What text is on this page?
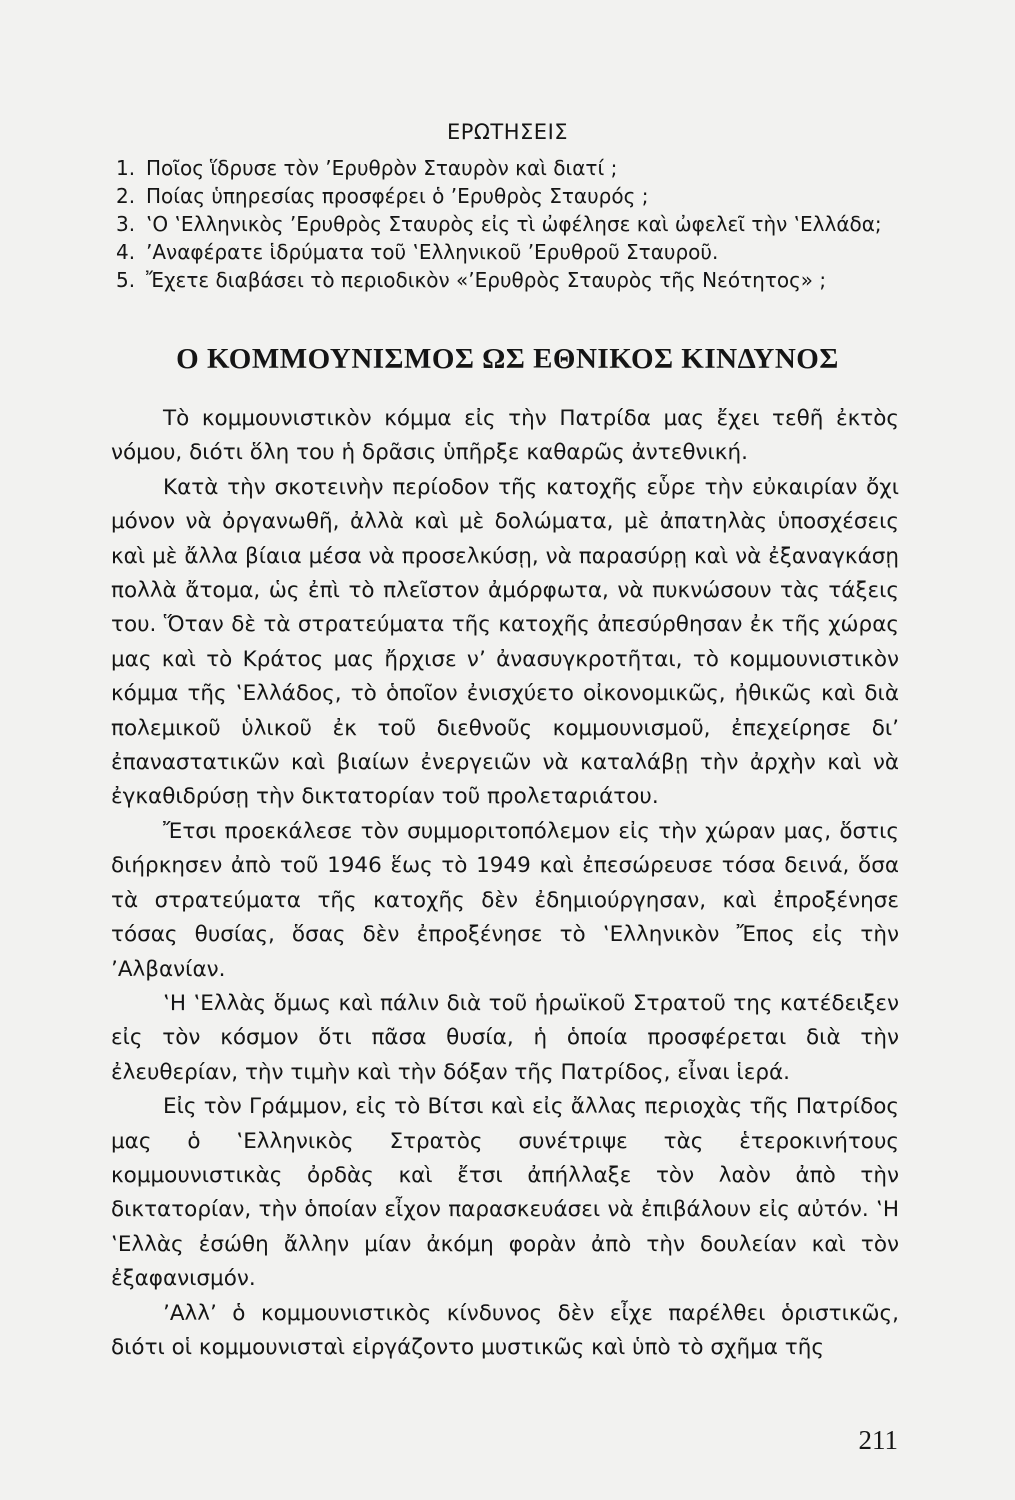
ΕΡΩΤΗΣΕΙΣ
1. Ποῖος ἵδρυσε τὸν ’Ερυθρὸν Σταυρὸν καὶ διατί ;
2. Ποίας ὑπηρεσίας προσφέρει ὁ ’Ερυθρὸς Σταυρός ;
3. ‛Ο ‛Ελληνικὸς ’Ερυθρὸς Σταυρὸς εἰς τὶ ὠφέλησε καὶ ὠφελεῖ τὴν ‛Ελλάδα;
4. ’Αναφέρατε ἱδρύματα τοῦ ‛Ελληνικοῦ ’Ερυθροῦ Σταυροῦ.
5. Ἔχετε διαβάσει τὸ περιοδικὸν «’Ερυθρὸς Σταυρὸς τῆς Νεότητος» ;
Ο ΚΟΜΜΟΥΝΙΣΜΟΣ ΩΣ ΕΘΝΙΚΟΣ ΚΙΝΔΥΝΟΣ

Τὸ κομμουνιστικὸν κόμμα εἰς τὴν Πατρίδα μας ἔχει τεθῆ ἐκτὸς νόμου, διότι ὅλη του ἡ δρᾶσις ὑπῆρξε καθαρῶς ἀντεθνική.

Κατὰ τὴν σκοτεινὴν περίοδον τῆς κατοχῆς εὗρε τὴν εὐκαιρίαν ὄχι μόνον νὰ ὀργανωθῆ, ἀλλὰ καὶ μὲ δολώματα, μὲ ἀπατηλὰς ὑποσχέσεις καὶ μὲ ἄλλα βίαια μέσα νὰ προσελκύσῃ, νὰ παρασύρῃ καὶ νὰ ἐξαναγκάσῃ πολλὰ ἄτομα, ὡς ἐπὶ τὸ πλεῖστον ἀμόρφωτα, νὰ πυκνώσουν τὰς τάξεις του. Ὅταν δὲ τὰ στρατεύματα τῆς κατοχῆς ἀπεσύρθησαν ἐκ τῆς χώρας μας καὶ τὸ Κράτος μας ἤρχισε ν’ ἀνασυγκροτῆται, τὸ κομμουνιστικὸν κόμμα τῆς ‛Ελλάδος, τὸ ὁποῖον ἐνισχύετο οἰκονομικῶς, ἠθικῶς καὶ διὰ πολεμικοῦ ὑλικοῦ ἐκ τοῦ διεθνοῦς κομμουνισμοῦ, ἐπεχείρησε δι’ ἐπαναστατικῶν καὶ βιαίων ἐνεργειῶν νὰ καταλάβῃ τὴν ἀρχὴν καὶ νὰ ἐγκαθιδρύσῃ τὴν δικτατορίαν τοῦ προλεταριάτου.

Ἔτσι προεκάλεσε τὸν συμμοριτοπόλεμον εἰς τὴν χώραν μας, ὅστις διήρκησεν ἀπὸ τοῦ 1946 ἕως τὸ 1949 καὶ ἐπεσώρευσε τόσα δεινά, ὅσα τὰ στρατεύματα τῆς κατοχῆς δὲν ἐδημιούργησαν, καὶ ἐπροξένησε τόσας θυσίας, ὅσας δὲν ἐπροξένησε τὸ ‛Ελληνικὸν Ἔπος εἰς τὴν ’Αλβανίαν.

‛Η ‛Ελλὰς ὅμως καὶ πάλιν διὰ τοῦ ἡρωϊκοῦ Στρατοῦ της κατέδειξεν εἰς τὸν κόσμον ὅτι πᾶσα θυσία, ἡ ὁποία προσφέρεται διὰ τὴν ἐλευθερίαν, τὴν τιμὴν καὶ τὴν δόξαν τῆς Πατρίδος, εἶναι ἱερά.

Εἰς τὸν Γράμμον, εἰς τὸ Βίτσι καὶ εἰς ἄλλας περιοχὰς τῆς Πατρίδος μας ὁ ‛Ελληνικὸς Στρατὸς συνέτριψε τὰς ἑτεροκινήτους κομμουνιστικὰς ὀρδὰς καὶ ἔτσι ἀπήλλαξε τὸν λαὸν ἀπὸ τὴν δικτατορίαν, τὴν ὁποίαν εἶχον παρασκευάσει νὰ ἐπιβάλουν εἰς αὐτόν. ‛Η ‛Ελλὰς ἐσώθη ἄλλην μίαν ἀκόμη φορὰν ἀπὸ τὴν δουλείαν καὶ τὸν ἐξαφανισμόν.

’Αλλ’ ὁ κομμουνιστικὸς κίνδυνος δὲν εἶχε παρέλθει ὁριστικῶς, διότι οἱ κομμουνισταὶ εἰργάζοντο μυστικῶς καὶ ὑπὸ τὸ σχῆμα τῆς

211
